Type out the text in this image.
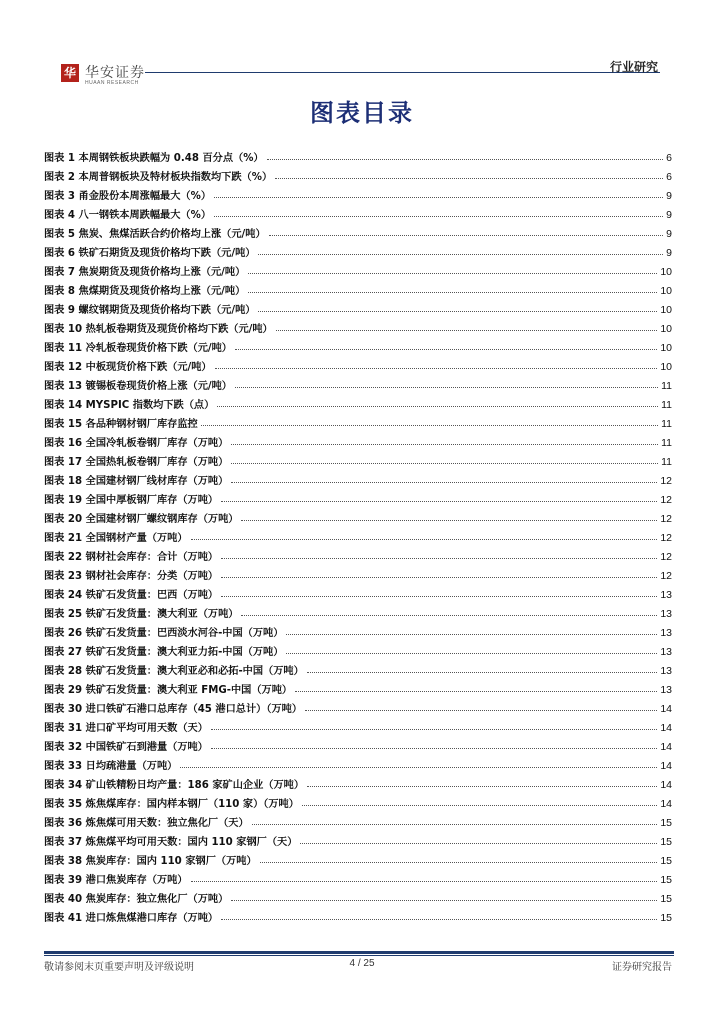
华 华安证券
HUAAN RESEARCH
行业研究
图表目录
图表 1 本周钢铁板块跌幅为 0.48 百分点（%）	6
图表 2 本周普钢板块及特材板块指数均下跌（%）	6
图表 3 甬金股份本周涨幅最大（%）	9
图表 4 八一钢铁本周跌幅最大（%）	9
图表 5 焦炭、焦煤活跃合约价格均上涨（元/吨）	9
图表 6 铁矿石期货及现货价格均下跌（元/吨）	9
图表 7 焦炭期货及现货价格均上涨（元/吨）	10
图表 8 焦煤期货及现货价格均上涨（元/吨）	10
图表 9 螺纹钢期货及现货价格均下跌（元/吨）	10
图表 10 热轧板卷期货及现货价格均下跌（元/吨）	10
图表 11 冷轧板卷现货价格下跌（元/吨）	10
图表 12 中板现货价格下跌（元/吨）	10
图表 13 镀锡板卷现货价格上涨（元/吨）	11
图表 14 MYSPIC 指数均下跌（点）	11
图表 15 各品种钢材钢厂库存监控	11
图表 16 全国冷轧板卷钢厂库存（万吨）	11
图表 17 全国热轧板卷钢厂库存（万吨）	11
图表 18 全国建材钢厂线材库存（万吨）	12
图表 19 全国中厚板钢厂库存（万吨）	12
图表 20 全国建材钢厂螺纹钢库存（万吨）	12
图表 21 全国钢材产量（万吨）	12
图表 22 钢材社会库存：合计（万吨）	12
图表 23 钢材社会库存：分类（万吨）	12
图表 24 铁矿石发货量：巴西（万吨）	13
图表 25 铁矿石发货量：澳大利亚（万吨）	13
图表 26 铁矿石发货量：巴西淡水河谷-中国（万吨）	13
图表 27 铁矿石发货量：澳大利亚力拓-中国（万吨）	13
图表 28 铁矿石发货量：澳大利亚必和必拓-中国（万吨）	13
图表 29 铁矿石发货量：澳大利亚 FMG-中国（万吨）	13
图表 30 进口铁矿石港口总库存（45 港口总计）（万吨）	14
图表 31 进口矿平均可用天数（天）	14
图表 32 中国铁矿石到港量（万吨）	14
图表 33 日均疏港量（万吨）	14
图表 34 矿山铁精粉日均产量：186 家矿山企业（万吨）	14
图表 35 炼焦煤库存：国内样本钢厂（110 家）（万吨）	14
图表 36 炼焦煤可用天数：独立焦化厂（天）	15
图表 37 炼焦煤平均可用天数：国内 110 家钢厂（天）	15
图表 38 焦炭库存：国内 110 家钢厂（万吨）	15
图表 39 港口焦炭库存（万吨）	15
图表 40 焦炭库存：独立焦化厂（万吨）	15
图表 41 进口炼焦煤港口库存（万吨）	15
敬请参阅末页重要声明及评级说明	4 / 25	证券研究报告
